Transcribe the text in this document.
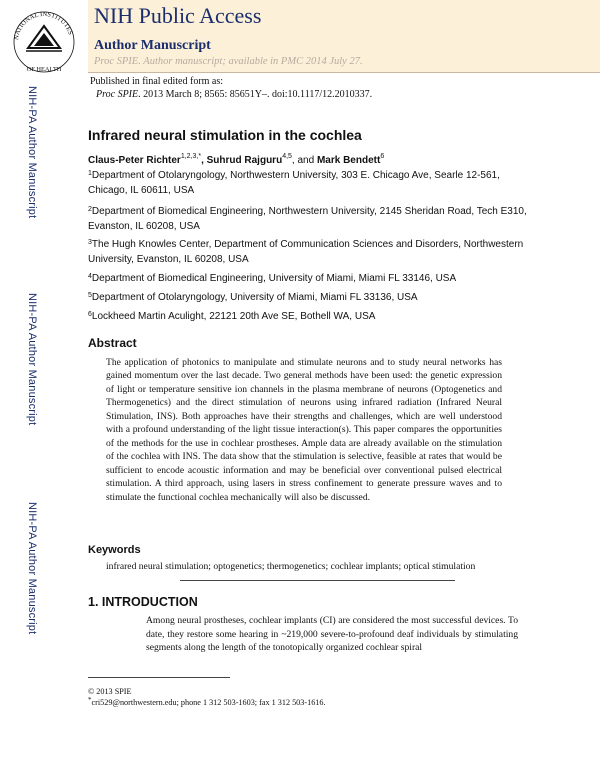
NATIONAL INSTITUTES
OF HEALTH
NIH Public Access
Author Manuscript
Proc SPIE. Author manuscript; available in PMC 2014 July 27.
NIH-PA Author Manuscript
NIH-PA Author Manuscript
NIH-PA Author Manuscript
Published in final edited form as:
Proc SPIE. 2013 March 8; 8565: 85651Y–. doi:10.1117/12.2010337.
Infrared neural stimulation in the cochlea
Claus-Peter Richter$^{1,2,3,*}$, Suhrud Rajguru$^{4,5}$, and Mark Bendett$^6$
$^1$Department of Otolaryngology, Northwestern University, 303 E. Chicago Ave, Searle 12-561, Chicago, IL 60611, USA
$^2$Department of Biomedical Engineering, Northwestern University, 2145 Sheridan Road, Tech E310, Evanston, IL 60208, USA
$^3$The Hugh Knowles Center, Department of Communication Sciences and Disorders, Northwestern University, Evanston, IL 60208, USA
$^4$Department of Biomedical Engineering, University of Miami, Miami FL 33146, USA
$^5$Department of Otolaryngology, University of Miami, Miami FL 33136, USA
$^6$Lockheed Martin Aculight, 22121 20th Ave SE, Bothell WA, USA
Abstract
The application of photonics to manipulate and stimulate neurons and to study neural networks has gained momentum over the last decade. Two general methods have been used: the genetic expression of light or temperature sensitive ion channels in the plasma membrane of neurons (Optogenetics and Thermogenetics) and the direct stimulation of neurons using infrared radiation (Infrared Neural Stimulation, INS). Both approaches have their strengths and challenges, which are well understood with a profound understanding of the light tissue interaction(s). This paper compares the opportunities of the methods for the use in cochlear prostheses. Ample data are already available on the stimulation of the cochlea with INS. The data show that the stimulation is selective, feasible at rates that would be sufficient to encode acoustic information and may be beneficial over conventional pulsed electrical stimulation. A third approach, using lasers in stress confinement to generate pressure waves and to stimulate the functional cochlea mechanically will also be discussed.
Keywords
infrared neural stimulation; optogenetics; thermogenetics; cochlear implants; optical stimulation
1. INTRODUCTION
Among neural prostheses, cochlear implants (CI) are considered the most successful devices. To date, they restore some hearing in ~219,000 severe-to-profound deaf individuals by stimulating segments along the length of the tonotopically organized cochlear spiral
© 2013 SPIE
*cri529@northwestern.edu; phone 1 312 503-1603; fax 1 312 503-1616.
